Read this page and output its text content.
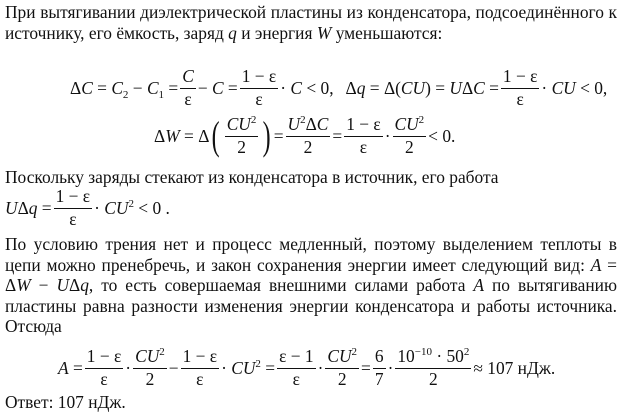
При вытягивании диэлектрической пластины из конденсатора, подсоединённого к источнику, его ёмкость, заряд q и энергия W уменьшаются:
$\Delta C = C_2 - C_1 = \frac{C}{\varepsilon} - C = \frac{1 - \varepsilon}{\varepsilon} \cdot C < 0$, $\Delta q = \Delta(CU) = U\Delta C = \frac{1 - \varepsilon}{\varepsilon}$ · CU < 0,
ΔW = Δ ( $\frac{CU^2}{2}$ ) = $\frac{U^2\Delta C}{2} = \frac{1 - \varepsilon}{\varepsilon} \cdot \frac{CU^2}{2} < 0$.
Поскольку заряды стекают из конденсатора в источник, его работа
$U\Delta q = \frac{1 - \varepsilon}{\varepsilon} \cdot CU^2 < 0$ .
По условию трения нет и процесс медленный, поэтому выделением теплоты в цепи можно пренебречь, и закон сохранения энергии имеет следующий вид: A = ΔW − UΔq, то есть совершаемая внешними силами работа A по вытягиванию пластины равна разности изменения энергии конденсатора и работы источника. Отсюда
$A = \frac{1 - \varepsilon}{\varepsilon} \cdot \frac{CU^2}{2} - \frac{1 - \varepsilon}{\varepsilon} \cdot CU^2 = \frac{\varepsilon - 1}{\varepsilon} \cdot \frac{CU^2}{2} = \frac{6}{7} \cdot \frac{10^{-10} \cdot 50^2}{2} \approx 107$ нДж.
Ответ: 107 нДж.
